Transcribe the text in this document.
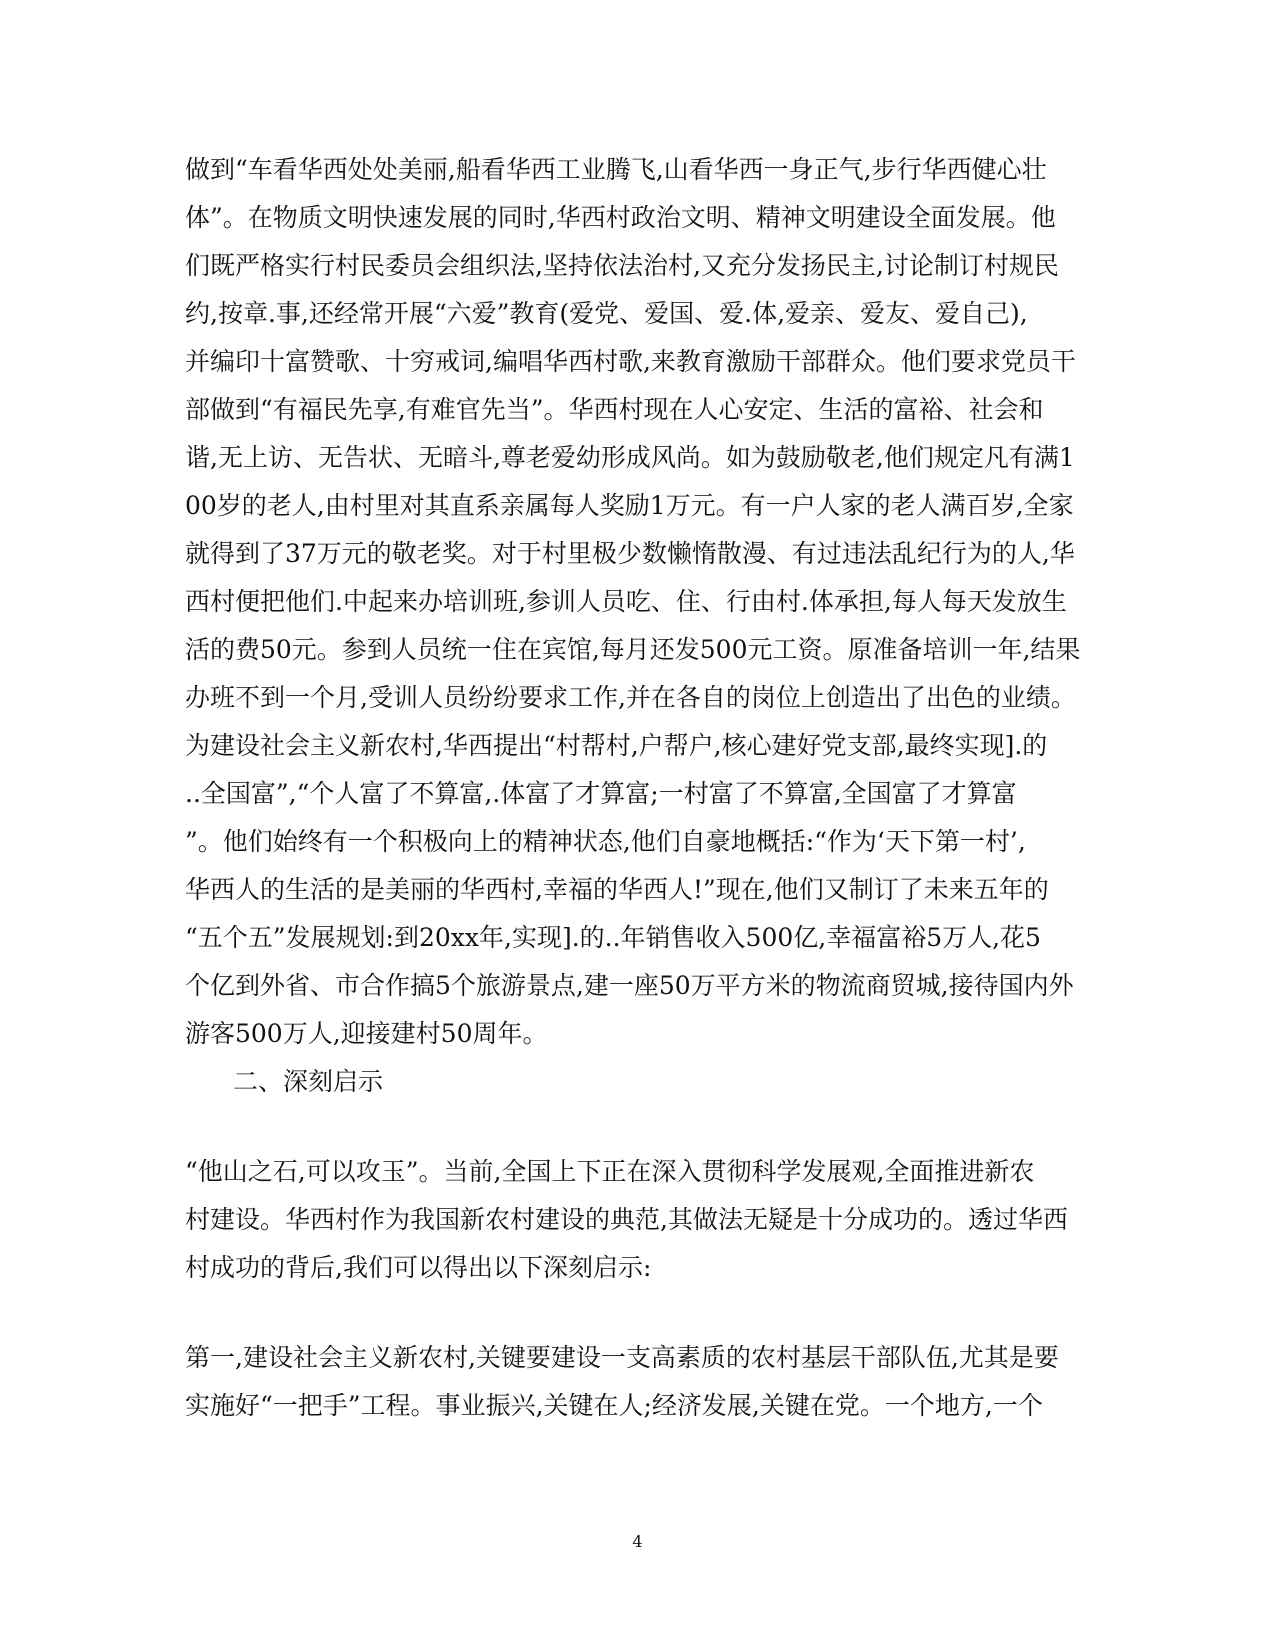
做到“车看华西处处美丽,船看华西工业腾飞,山看华西一身正气,步行华西健心壮
体”。在物质文明快速发展的同时,华西村政治文明、精神文明建设全面发展。他
们既严格实行村民委员会组织法,坚持依法治村,又充分发扬民主,讨论制订村规民
约,按章.事,还经常开展“六爱”教育(爱党、爱国、爱.体,爱亲、爱友、爱自己),
并编印十富赞歌、十穷戒词,编唱华西村歌,来教育激励干部群众。他们要求党员干
部做到“有福民先享,有难官先当”。华西村现在人心安定、生活的富裕、社会和
谐,无上访、无告状、无暗斗,尊老爱幼形成风尚。如为鼓励敬老,他们规定凡有满1
00岁的老人,由村里对其直系亲属每人奖励1万元。有一户人家的老人满百岁,全家
就得到了37万元的敬老奖。对于村里极少数懒惰散漫、有过违法乱纪行为的人,华
西村便把他们.中起来办培训班,参训人员吃、住、行由村.体承担,每人每天发放生
活的费50元。参到人员统一住在宾馆,每月还发500元工资。原准备培训一年,结果
办班不到一个月,受训人员纷纷要求工作,并在各自的岗位上创造出了出色的业绩。
为建设社会主义新农村,华西提出“村帮村,户帮户,核心建好党支部,最终实现].的
..全国富”,“个人富了不算富,.体富了才算富;一村富了不算富,全国富了才算富
”。他们始终有一个积极向上的精神状态,他们自豪地概括:“作为‘天下第一村’,
华西人的生活的是美丽的华西村,幸福的华西人!”现在,他们又制订了未来五年的
“五个五”发展规划:到20xx年,实现].的..年销售收入500亿,幸福富裕5万人,花5
个亿到外省、市合作搞5个旅游景点,建一座50万平方米的物流商贸城,接待国内外
游客500万人,迎接建村50周年。
二、深刻启示
“他山之石,可以攻玉”。当前,全国上下正在深入贯彻科学发展观,全面推进新农
村建设。华西村作为我国新农村建设的典范,其做法无疑是十分成功的。透过华西
村成功的背后,我们可以得出以下深刻启示:
第一,建设社会主义新农村,关键要建设一支高素质的农村基层干部队伍,尤其是要
实施好“一把手”工程。事业振兴,关键在人;经济发展,关键在党。一个地方,一个
4
